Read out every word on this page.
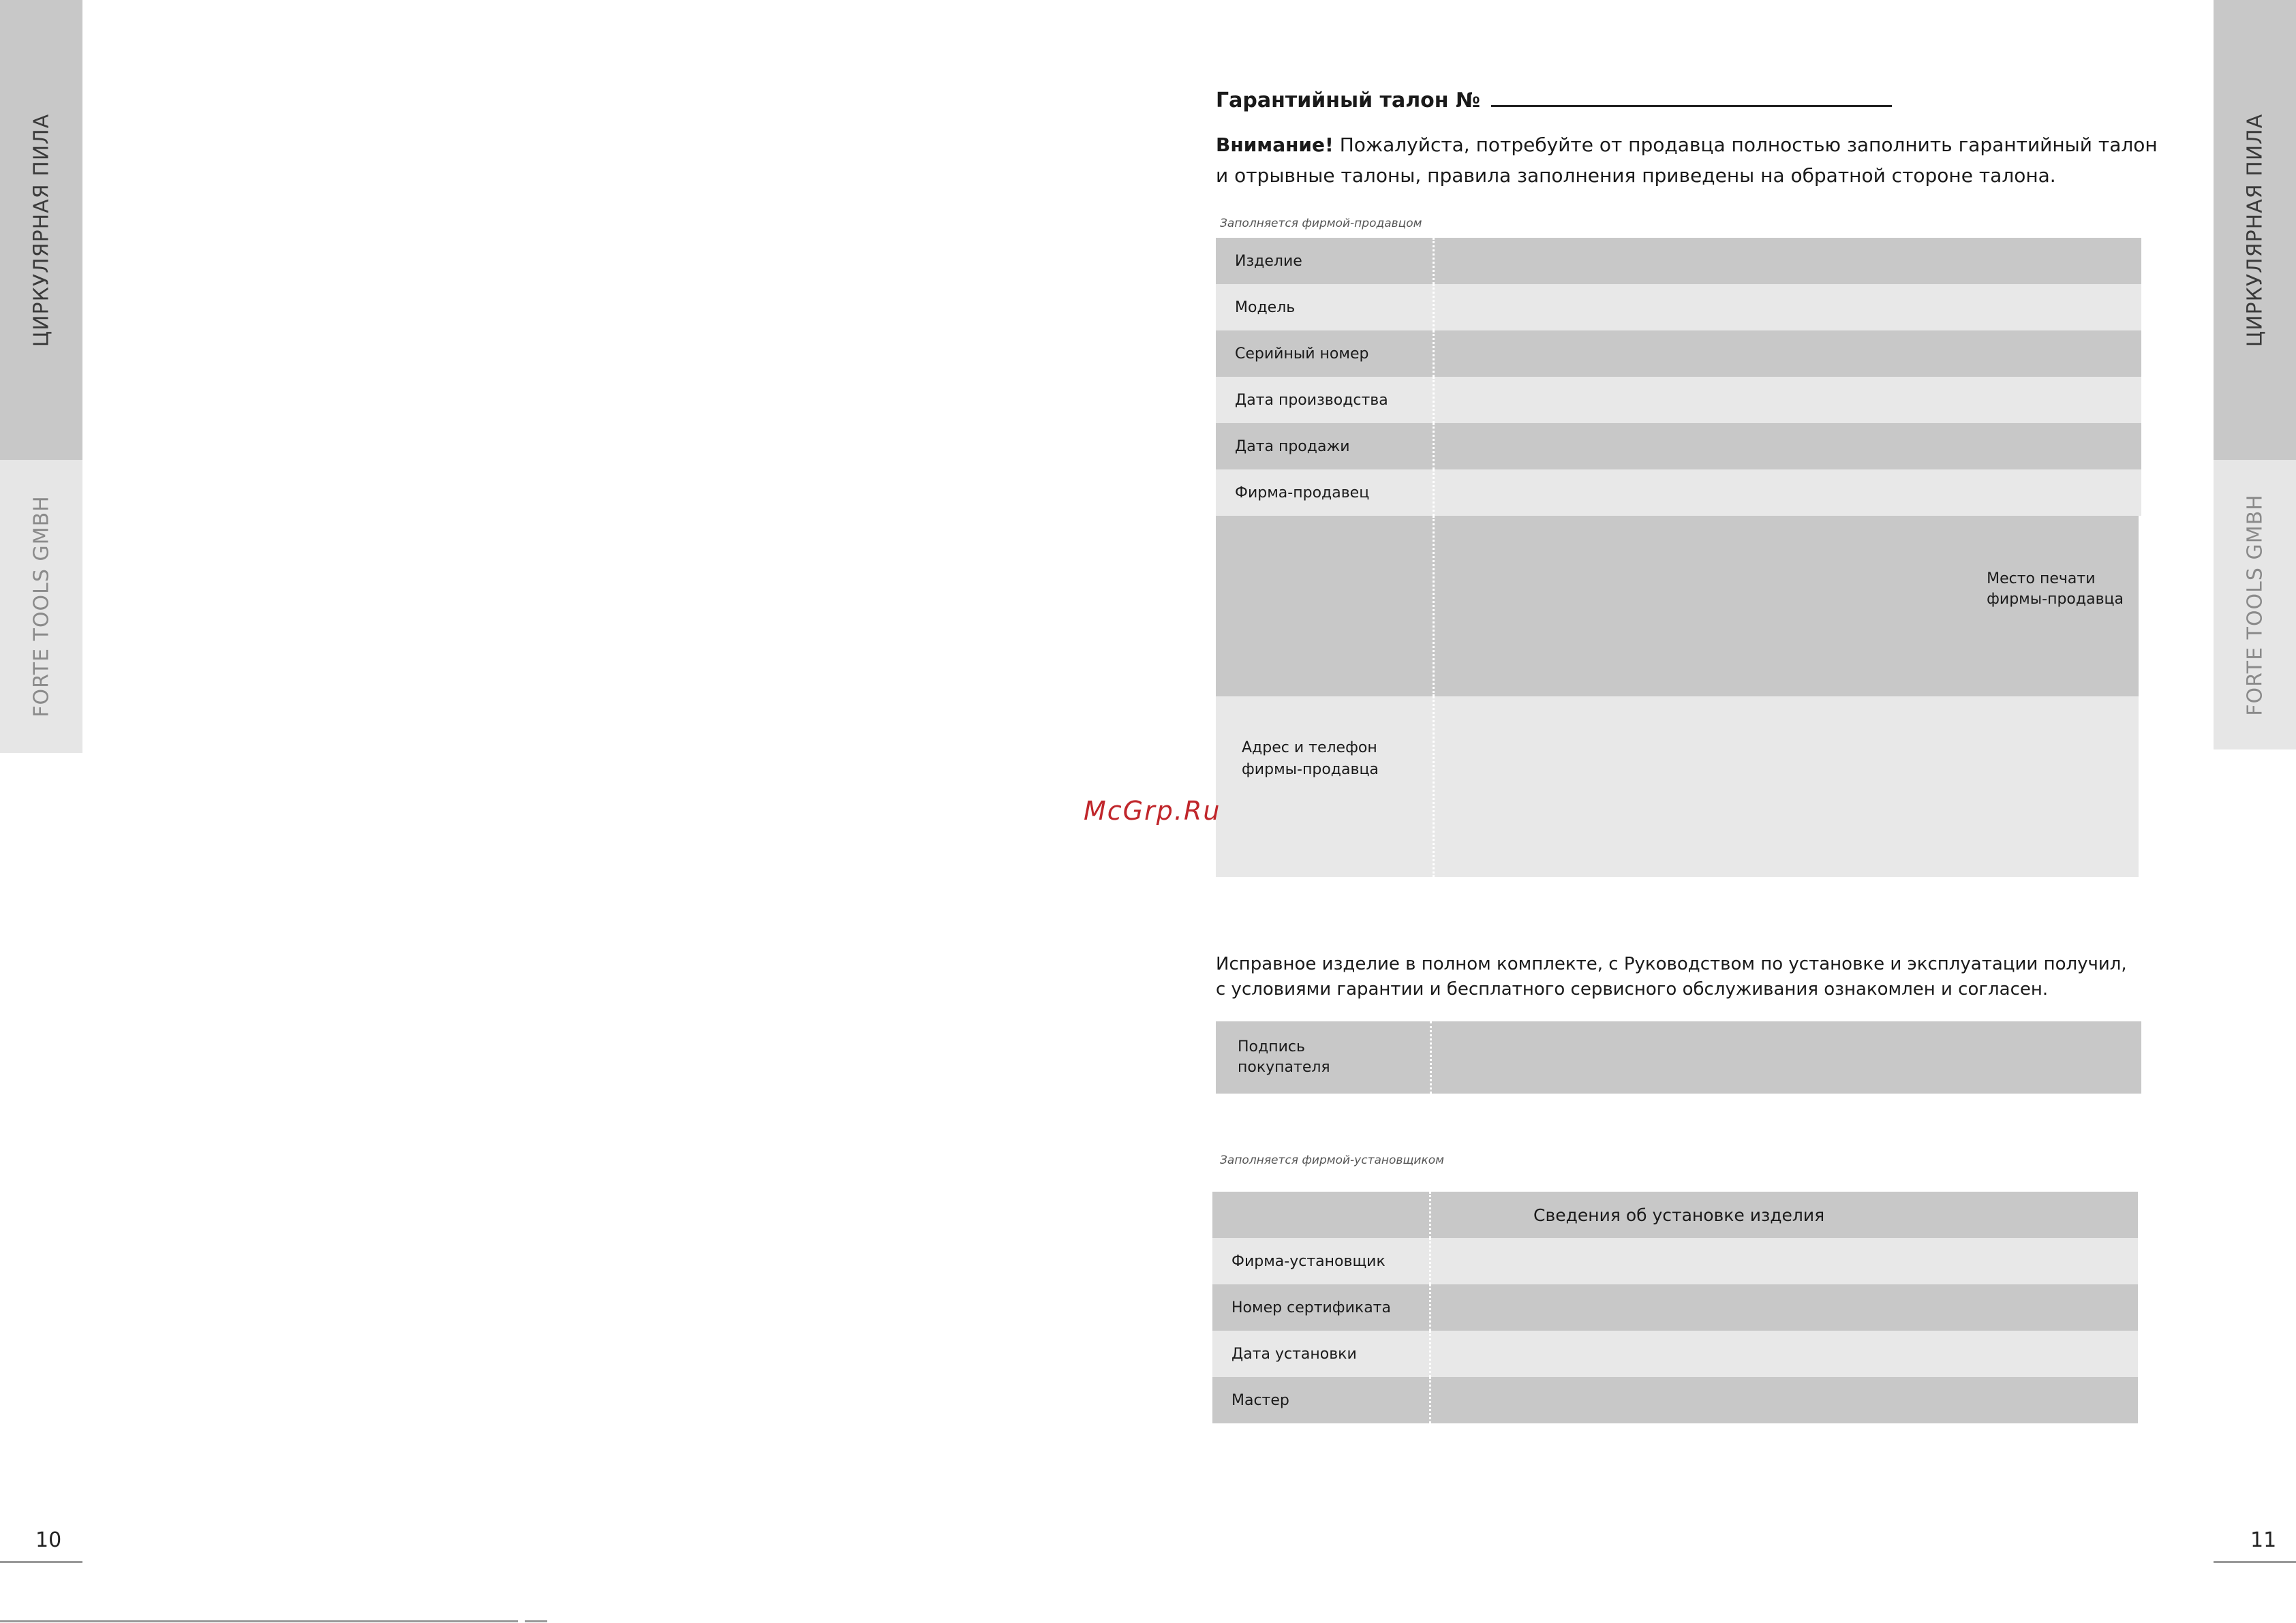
ЦИРКУЛЯРНАЯ ПИЛА
FORTE TOOLS GMBH
ЦИРКУЛЯРНАЯ ПИЛА
FORTE TOOLS GMBH
10	11
Гарантийный талон №
Внимание! Пожалуйста, потребуйте от продавца полностью заполнить гарантийный талон и отрывные талоны, правила заполнения приведены на обратной стороне талона.
Заполняется фирмой-продавцом
Изделие
Модель
Серийный номер
Дата производства
Дата продажи
Фирма-продавец
Место печати
фирмы-продавца
Адрес и телефон
фирмы-продавца
McGrp.Ru
Исправное изделие в полном комплекте, с Руководством по установке и эксплуатации получил,
с условиями гарантии и бесплатного сервисного обслуживания ознакомлен и согласен.
Подпись
покупателя
Заполняется фирмой-установщиком
Сведения об установке изделия
Фирма-установщик
Номер сертификата
Дата установки
Мастер
